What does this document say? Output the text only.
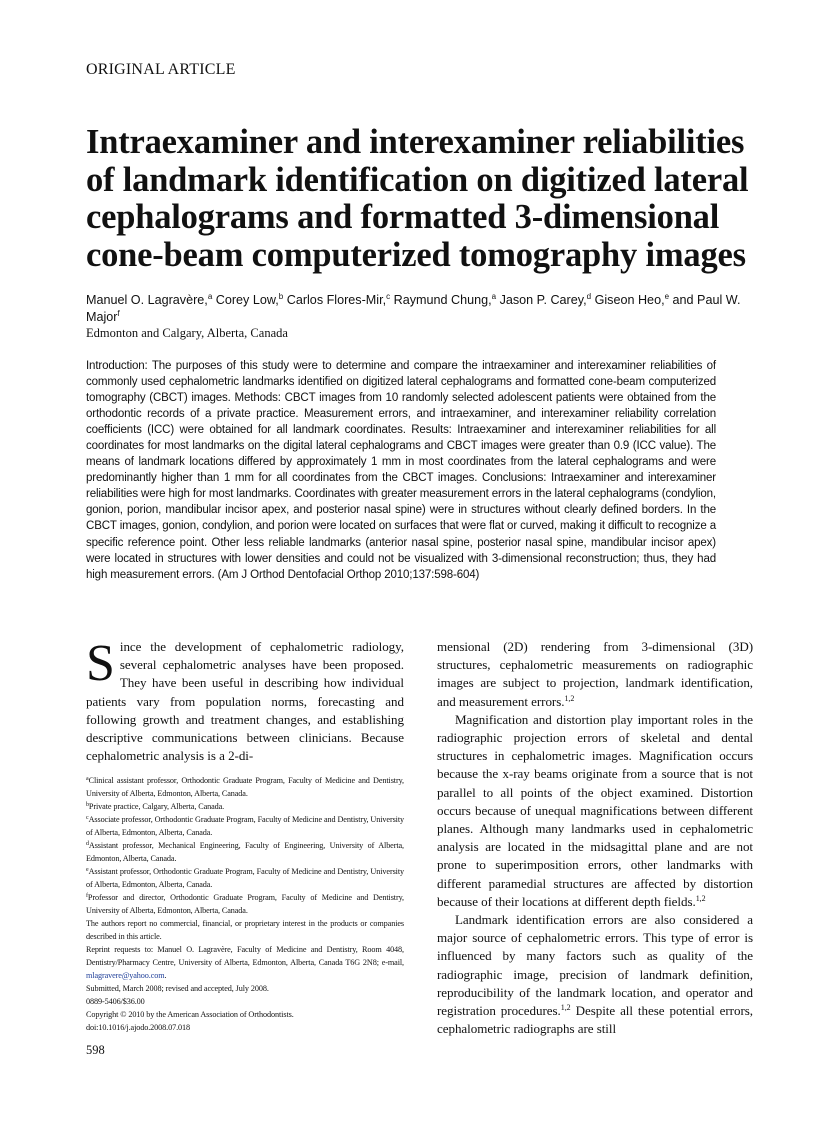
ORIGINAL ARTICLE
Intraexaminer and interexaminer reliabilities of landmark identification on digitized lateral cephalograms and formatted 3-dimensional cone-beam computerized tomography images
Manuel O. Lagravère,$^a$ Corey Low,$^b$ Carlos Flores-Mir,$^c$ Raymund Chung,$^a$ Jason P. Carey,$^d$ Giseon Heo,$^e$ and Paul W. Major$^f$
Edmonton and Calgary, Alberta, Canada

Introduction: The purposes of this study were to determine and compare the intraexaminer and interexaminer reliabilities of commonly used cephalometric landmarks identified on digitized lateral cephalograms and formatted cone-beam computerized tomography (CBCT) images. Methods: CBCT images from 10 randomly selected adolescent patients were obtained from the orthodontic records of a private practice. Measurement errors, and intraexaminer, and interexaminer reliability correlation coefficients (ICC) were obtained for all landmark coordinates. Results: Intraexaminer and interexaminer reliabilities for all coordinates for most landmarks on the digital lateral cephalograms and CBCT images were greater than 0.9 (ICC value). The means of landmark locations differed by approximately 1 mm in most coordinates from the lateral cephalograms and were predominantly higher than 1 mm for all coordinates from the CBCT images. Conclusions: Intraexaminer and interexaminer reliabilities were high for most landmarks. Coordinates with greater measurement errors in the lateral cephalograms (condylion, gonion, porion, mandibular incisor apex, and posterior nasal spine) were in structures without clearly defined borders. In the CBCT images, gonion, condylion, and porion were located on surfaces that were flat or curved, making it difficult to recognize a specific reference point. Other less reliable landmarks (anterior nasal spine, posterior nasal spine, mandibular incisor apex) were located in structures with lower densities and could not be visualized with 3-dimensional reconstruction; thus, they had high measurement errors. (Am J Orthod Dentofacial Orthop 2010;137:598-604)

Since the development of cephalometric radiology, several cephalometric analyses have been proposed. They have been useful in describing how individual patients vary from population norms, forecasting and following growth and treatment changes, and establishing descriptive communications between clinicians. Because cephalometric analysis is a 2-di-

mensional (2D) rendering from 3-dimensional (3D) structures, cephalometric measurements on radiographic images are subject to projection, landmark identification, and measurement errors.$^{1,2}$

Magnification and distortion play important roles in the radiographic projection errors of skeletal and dental structures in cephalometric images. Magnification occurs because the x-ray beams originate from a source that is not parallel to all points of the object examined. Distortion occurs because of unequal magnifications between different planes. Although many landmarks used in cephalometric analysis are located in the midsagittal plane and are not prone to superimposition errors, other landmarks with different paramedial structures are affected by distortion because of their locations at different depth fields.$^{1,2}$

Landmark identification errors are also considered a major source of cephalometric errors. This type of error is influenced by many factors such as quality of the radiographic image, precision of landmark definition, reproducibility of the landmark location, and operator and registration procedures.$^{1,2}$ Despite all these potential errors, cephalometric radiographs are still

$^a$Clinical assistant professor, Orthodontic Graduate Program, Faculty of Medicine and Dentistry, University of Alberta, Edmonton, Alberta, Canada.

$^b$Private practice, Calgary, Alberta, Canada.

$^c$Associate professor, Orthodontic Graduate Program, Faculty of Medicine and Dentistry, University of Alberta, Edmonton, Alberta, Canada.

$^d$Assistant professor, Mechanical Engineering, Faculty of Engineering, University of Alberta, Edmonton, Alberta, Canada.

$^e$Assistant professor, Orthodontic Graduate Program, Faculty of Medicine and Dentistry, University of Alberta, Edmonton, Alberta, Canada.

$^f$Professor and director, Orthodontic Graduate Program, Faculty of Medicine and Dentistry, University of Alberta, Edmonton, Alberta, Canada.

The authors report no commercial, financial, or proprietary interest in the products or companies described in this article.

Reprint requests to: Manuel O. Lagravère, Faculty of Medicine and Dentistry, Room 4048, Dentistry/Pharmacy Centre, University of Alberta, Edmonton, Alberta, Canada T6G 2N8; e-mail, mlagravere@yahoo.com.

Submitted, March 2008; revised and accepted, July 2008.

0889-5406/$36.00

Copyright © 2010 by the American Association of Orthodontists.

doi:10.1016/j.ajodo.2008.07.018

598
